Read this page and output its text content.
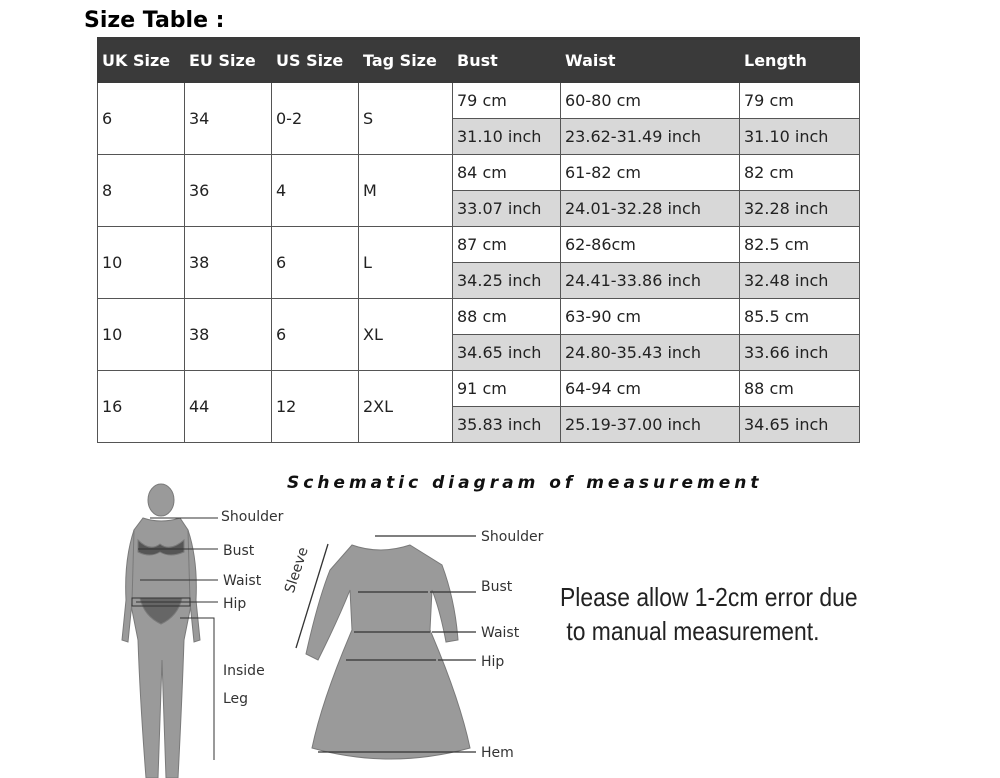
Size Table :
UK Size	EU Size	US Size	Tag Size	Bust	Waist	Length
6	34	0-2	S	79 cm	60-80 cm	79 cm
				31.10 inch	23.62-31.49 inch	31.10 inch
8	36	4	M	84 cm	61-82 cm	82 cm
				33.07 inch	24.01-32.28 inch	32.28 inch
10	38	6	L	87 cm	62-86cm	82.5 cm
				34.25 inch	24.41-33.86 inch	32.48 inch
10	38	6	XL	88 cm	63-90 cm	85.5 cm
				34.65 inch	24.80-35.43 inch	33.66 inch
16	44	12	2XL	91 cm	64-94 cm	88 cm
				35.83 inch	25.19-37.00 inch	34.65 inch
Schematic diagram of measurement
Shoulder
Bust
Waist
Hip
Inside
Leg
Shoulder
Sleeve	Bust
Waist
Hip
Hem
Please allow 1-2cm error due
to manual measurement.
